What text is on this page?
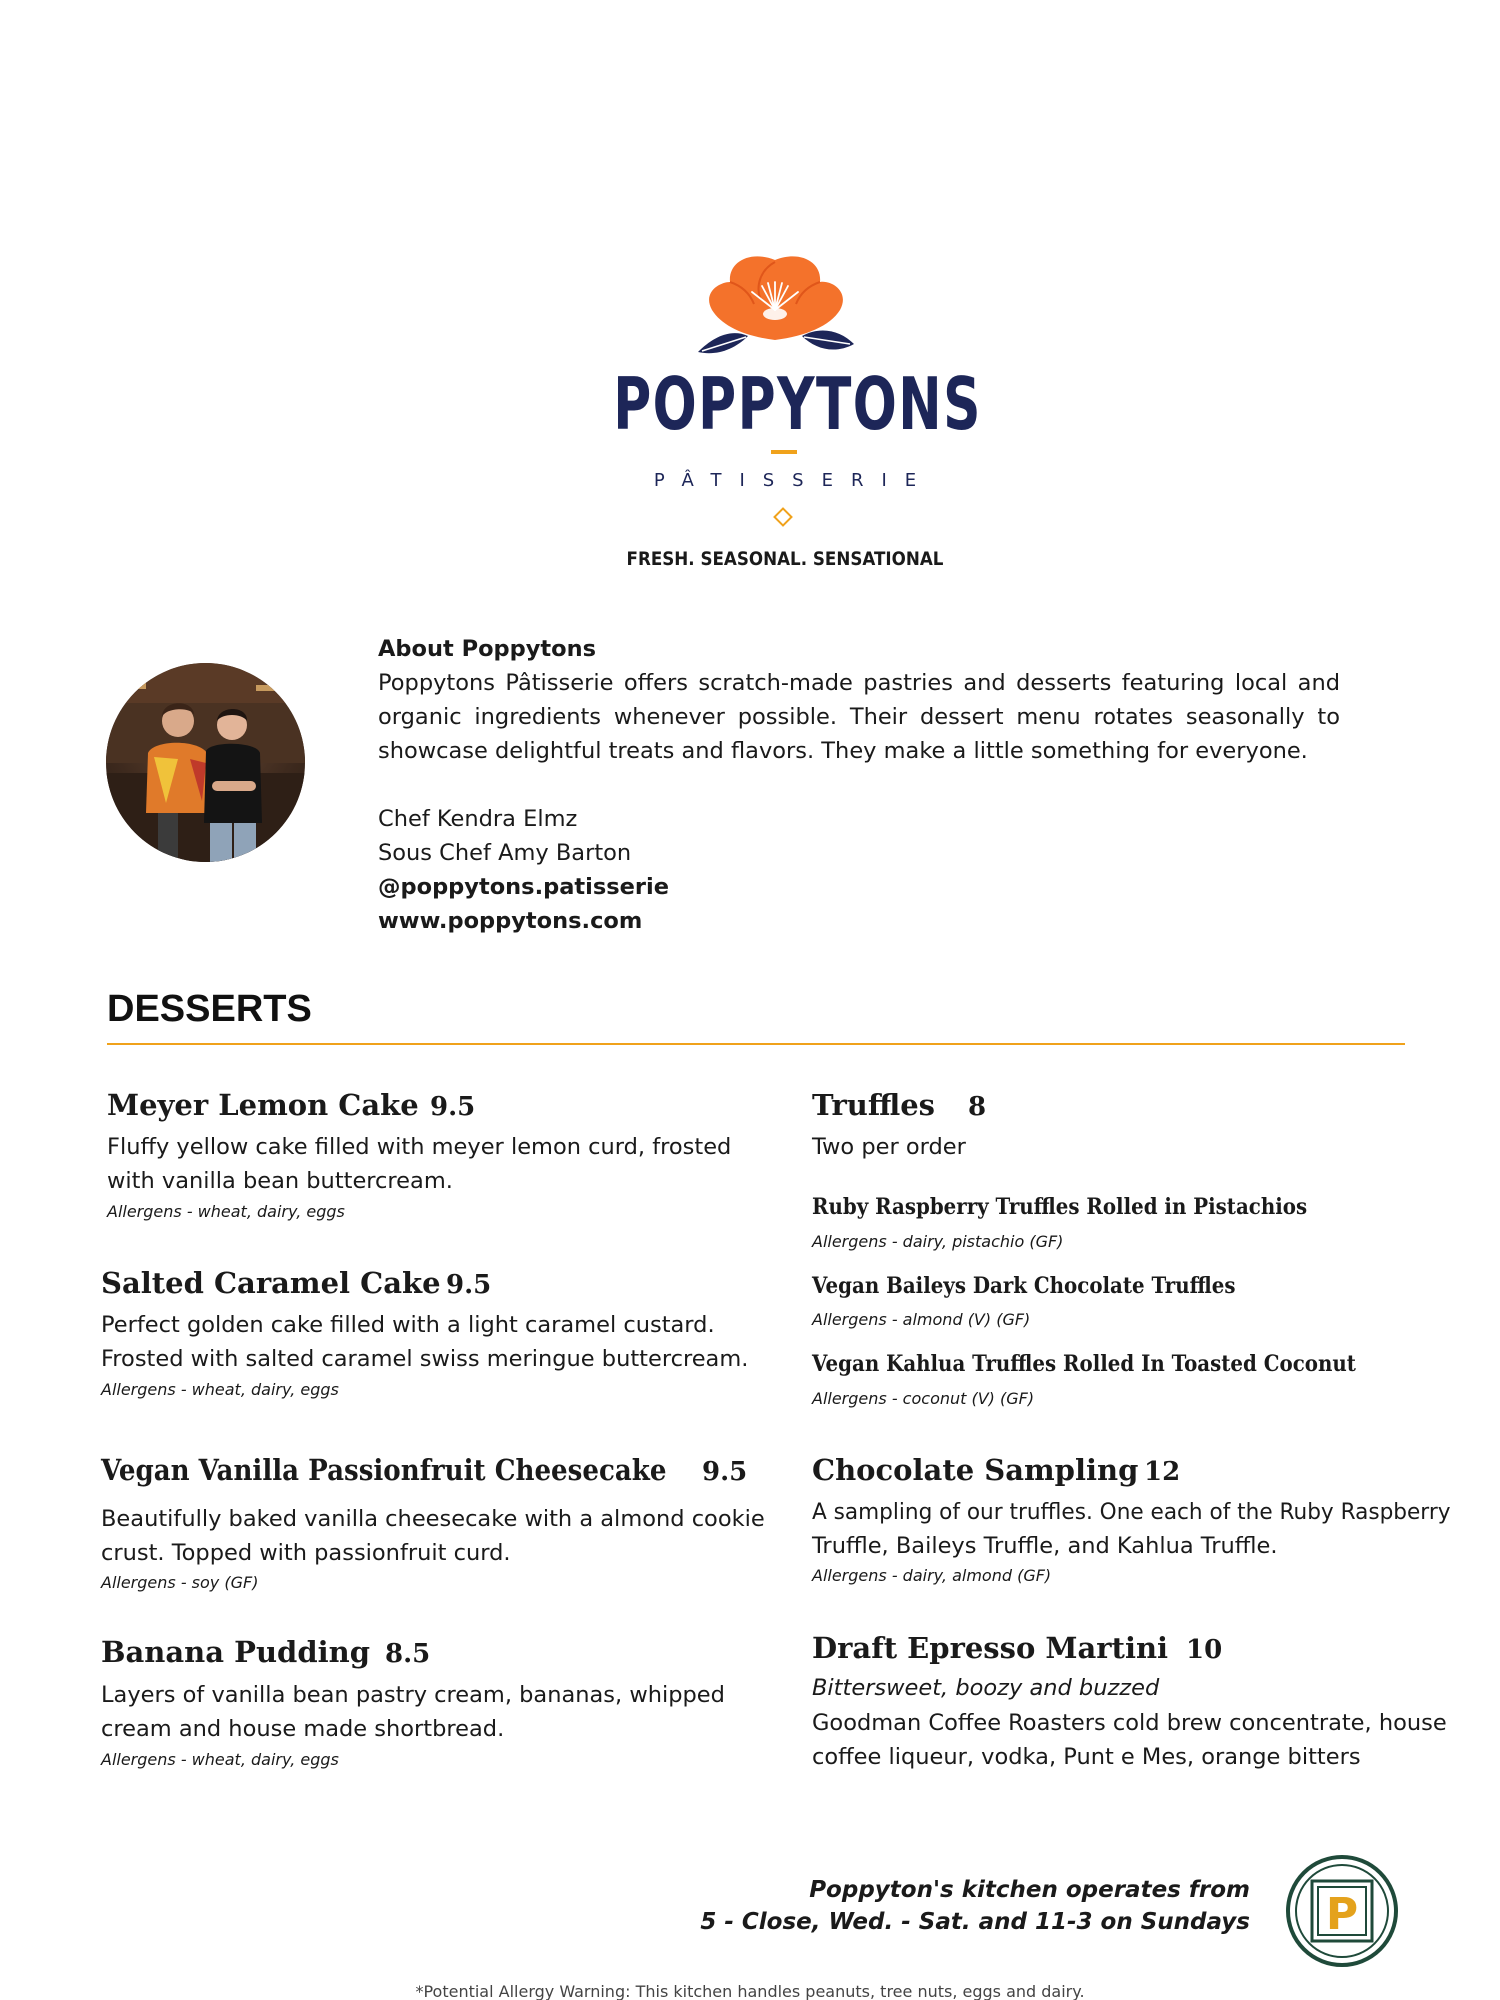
POPPYTONS
PÂTISSERIE
FRESH. SEASONAL. SENSATIONAL
About Poppytons
Poppytons Pâtisserie offers scratch-made pastries and desserts featuring local and organic ingredients whenever possible. Their dessert menu rotates seasonally to showcase delightful treats and flavors. They make a little something for everyone.
Chef Kendra Elmz
Sous Chef Amy Barton
@poppytons.patisserie
www.poppytons.com
DESSERTS
Meyer Lemon Cake 9.5
Fluffy yellow cake filled with meyer lemon curd, frosted
with vanilla bean buttercream.
Allergens - wheat, dairy, eggs
Salted Caramel Cake 9.5
Perfect golden cake filled with a light caramel custard.
Frosted with salted caramel swiss meringue buttercream.
Allergens - wheat, dairy, eggs
Vegan Vanilla Passionfruit Cheesecake 9.5
Beautifully baked vanilla cheesecake with a almond cookie
crust. Topped with passionfruit curd.
Allergens - soy (GF)
Banana Pudding 8.5
Layers of vanilla bean pastry cream, bananas, whipped
cream and house made shortbread.
Allergens - wheat, dairy, eggs
Truffles 8
Two per order
Ruby Raspberry Truffles Rolled in Pistachios
Allergens - dairy, pistachio (GF)
Vegan Baileys Dark Chocolate Truffles
Allergens - almond (V) (GF)
Vegan Kahlua Truffles Rolled In Toasted Coconut
Allergens - coconut (V) (GF)
Chocolate Sampling 12
A sampling of our truffles. One each of the Ruby Raspberry
Truffle, Baileys Truffle, and Kahlua Truffle.
Allergens - dairy, almond (GF)
Draft Epresso Martini 10
Bittersweet, boozy and buzzed
Goodman Coffee Roasters cold brew concentrate, house
coffee liqueur, vodka, Punt e Mes, orange bitters
Poppyton's kitchen operates from
5 - Close, Wed. - Sat. and 11-3 on Sundays P
*Potential Allergy Warning: This kitchen handles peanuts, tree nuts, eggs and dairy.
